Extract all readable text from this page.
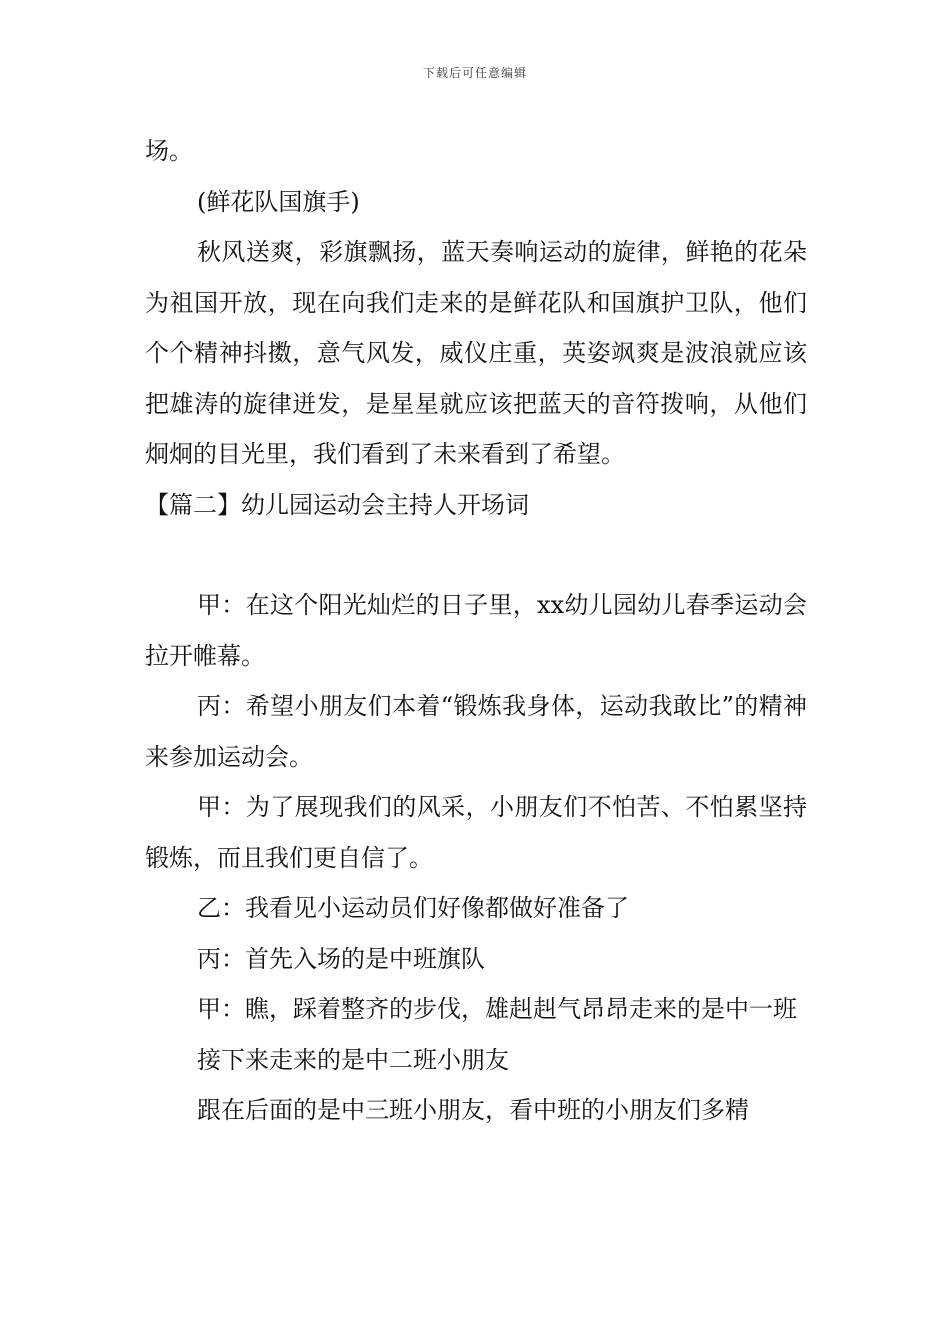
下载后可任意编辑

场。

(鲜花队国旗手)

秋风送爽，彩旗飘扬，蓝天奏响运动的旋律，鲜艳的花朵为祖国开放，现在向我们走来的是鲜花队和国旗护卫队，他们个个精神抖擞，意气风发，威仪庄重，英姿飒爽是波浪就应该把雄涛的旋律迸发，是星星就应该把蓝天的音符拨响，从他们炯炯的目光里，我们看到了未来看到了希望。

【篇二】幼儿园运动会主持人开场词

甲：在这个阳光灿烂的日子里，xx幼儿园幼儿春季运动会拉开帷幕。

丙：希望小朋友们本着“锻炼我身体，运动我敢比”的精神来参加运动会。

甲：为了展现我们的风采，小朋友们不怕苦、不怕累坚持锻炼，而且我们更自信了。

乙：我看见小运动员们好像都做好准备了

丙：首先入场的是中班旗队

甲：瞧，踩着整齐的步伐，雄赳赳气昂昂走来的是中一班

接下来走来的是中二班小朋友

跟在后面的是中三班小朋友，看中班的小朋友们多精
